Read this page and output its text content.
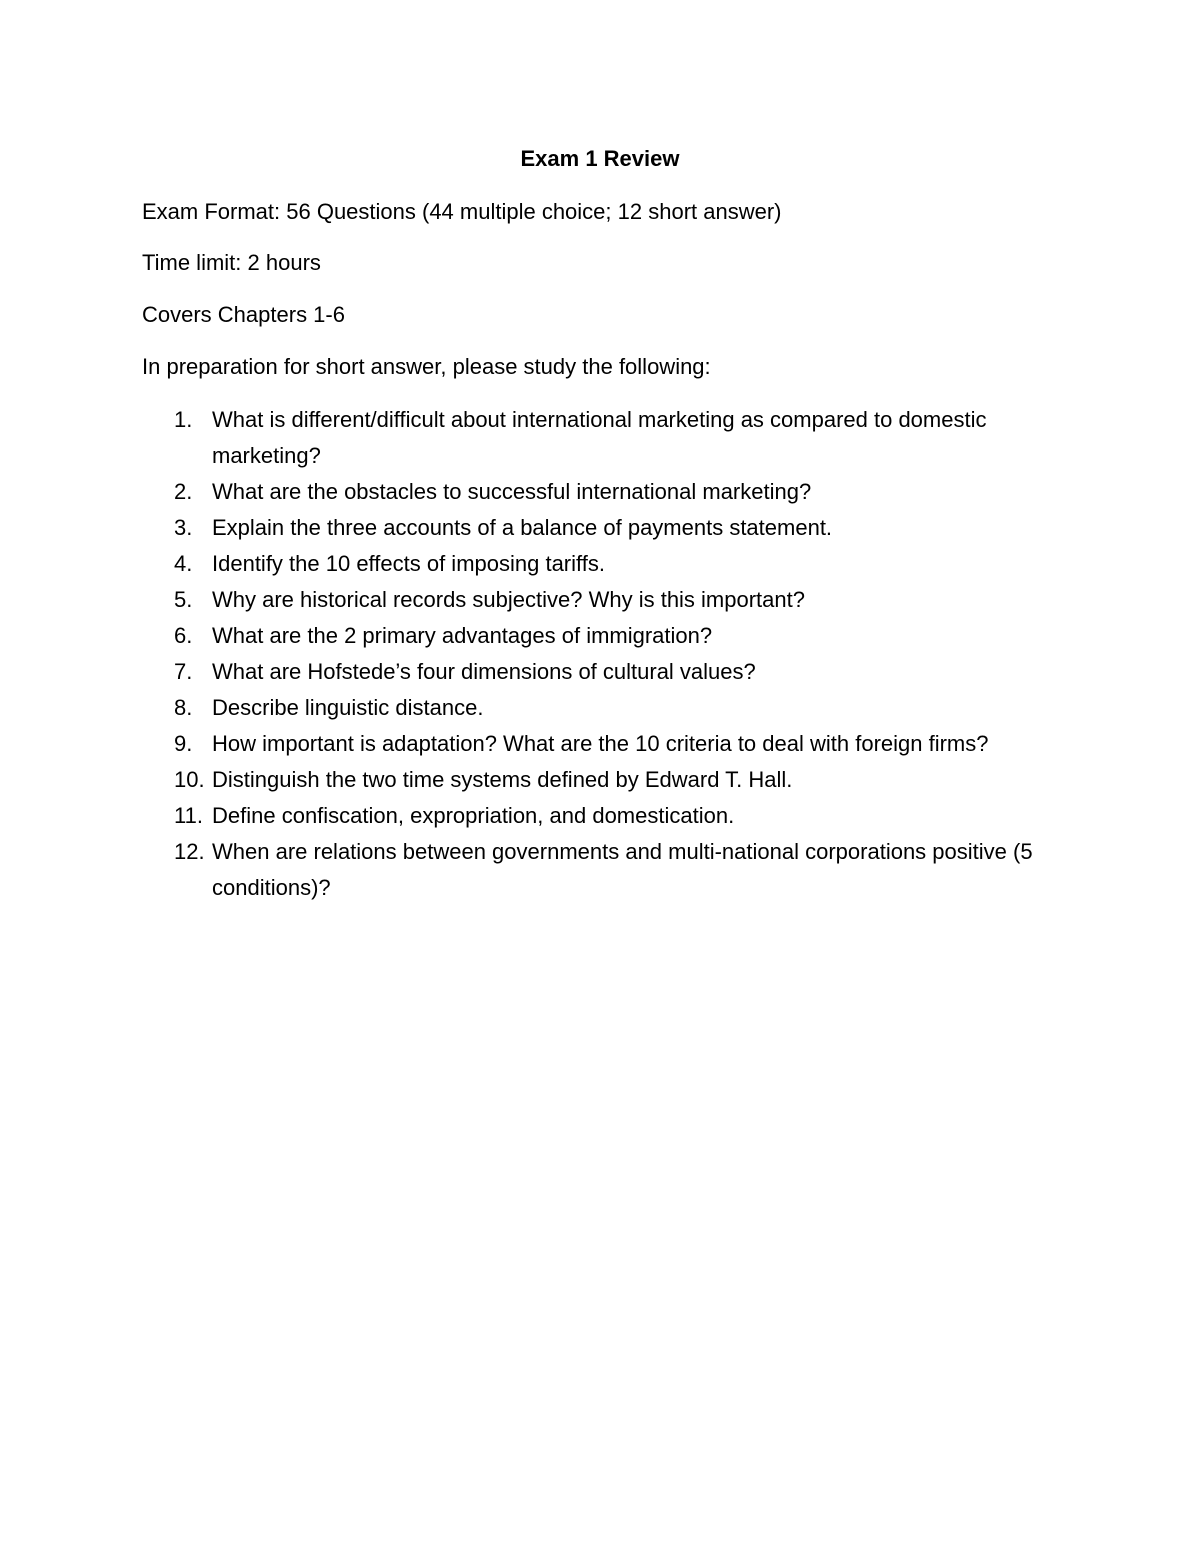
Exam 1 Review
Exam Format: 56 Questions (44 multiple choice; 12 short answer)
Time limit: 2 hours
Covers Chapters 1-6
In preparation for short answer, please study the following:
1. What is different/difficult about international marketing as compared to domestic marketing?
2. What are the obstacles to successful international marketing?
3. Explain the three accounts of a balance of payments statement.
4. Identify the 10 effects of imposing tariffs.
5. Why are historical records subjective? Why is this important?
6. What are the 2 primary advantages of immigration?
7. What are Hofstede’s four dimensions of cultural values?
8. Describe linguistic distance.
9. How important is adaptation? What are the 10 criteria to deal with foreign firms?
10. Distinguish the two time systems defined by Edward T. Hall.
11. Define confiscation, expropriation, and domestication.
12. When are relations between governments and multi-national corporations positive (5 conditions)?
